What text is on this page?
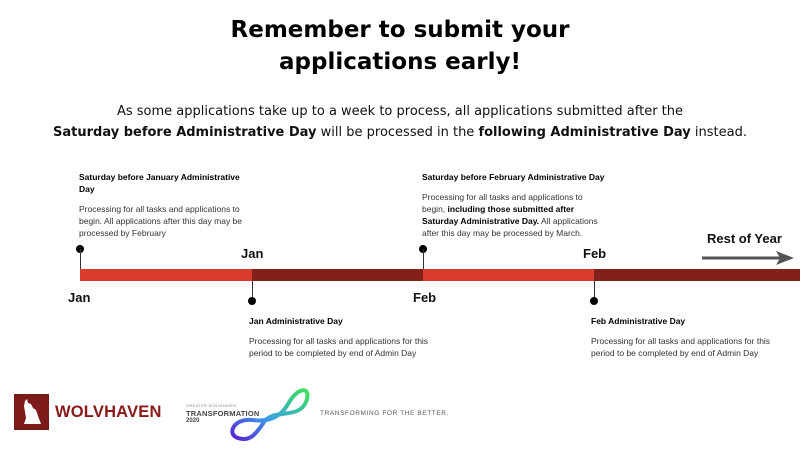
Remember to submit your
applications early!
As some applications take up to a week to process, all applications submitted after the
Saturday before Administrative Day will be processed in the following Administrative Day instead.
Saturday before January Administrative Day
Processing for all tasks and applications to begin. All applications after this day may be processed by February
Saturday before February Administrative Day
Processing for all tasks and applications to begin, including those submitted after Saturday Administrative Day. All applications after this day may be processed by March.
Jan	Feb
Jan	Feb
Rest of Year
Jan Administrative Day
Processing for all tasks and applications for this period to be completed by end of Admin Day
Feb Administrative Day
Processing for all tasks and applications for this period to be completed by end of Admin Day
WOLVHAVEN	GREATER WOLVHAVEN
TRANSFORMATION
2020
TRANSFORMING FOR THE BETTER.
